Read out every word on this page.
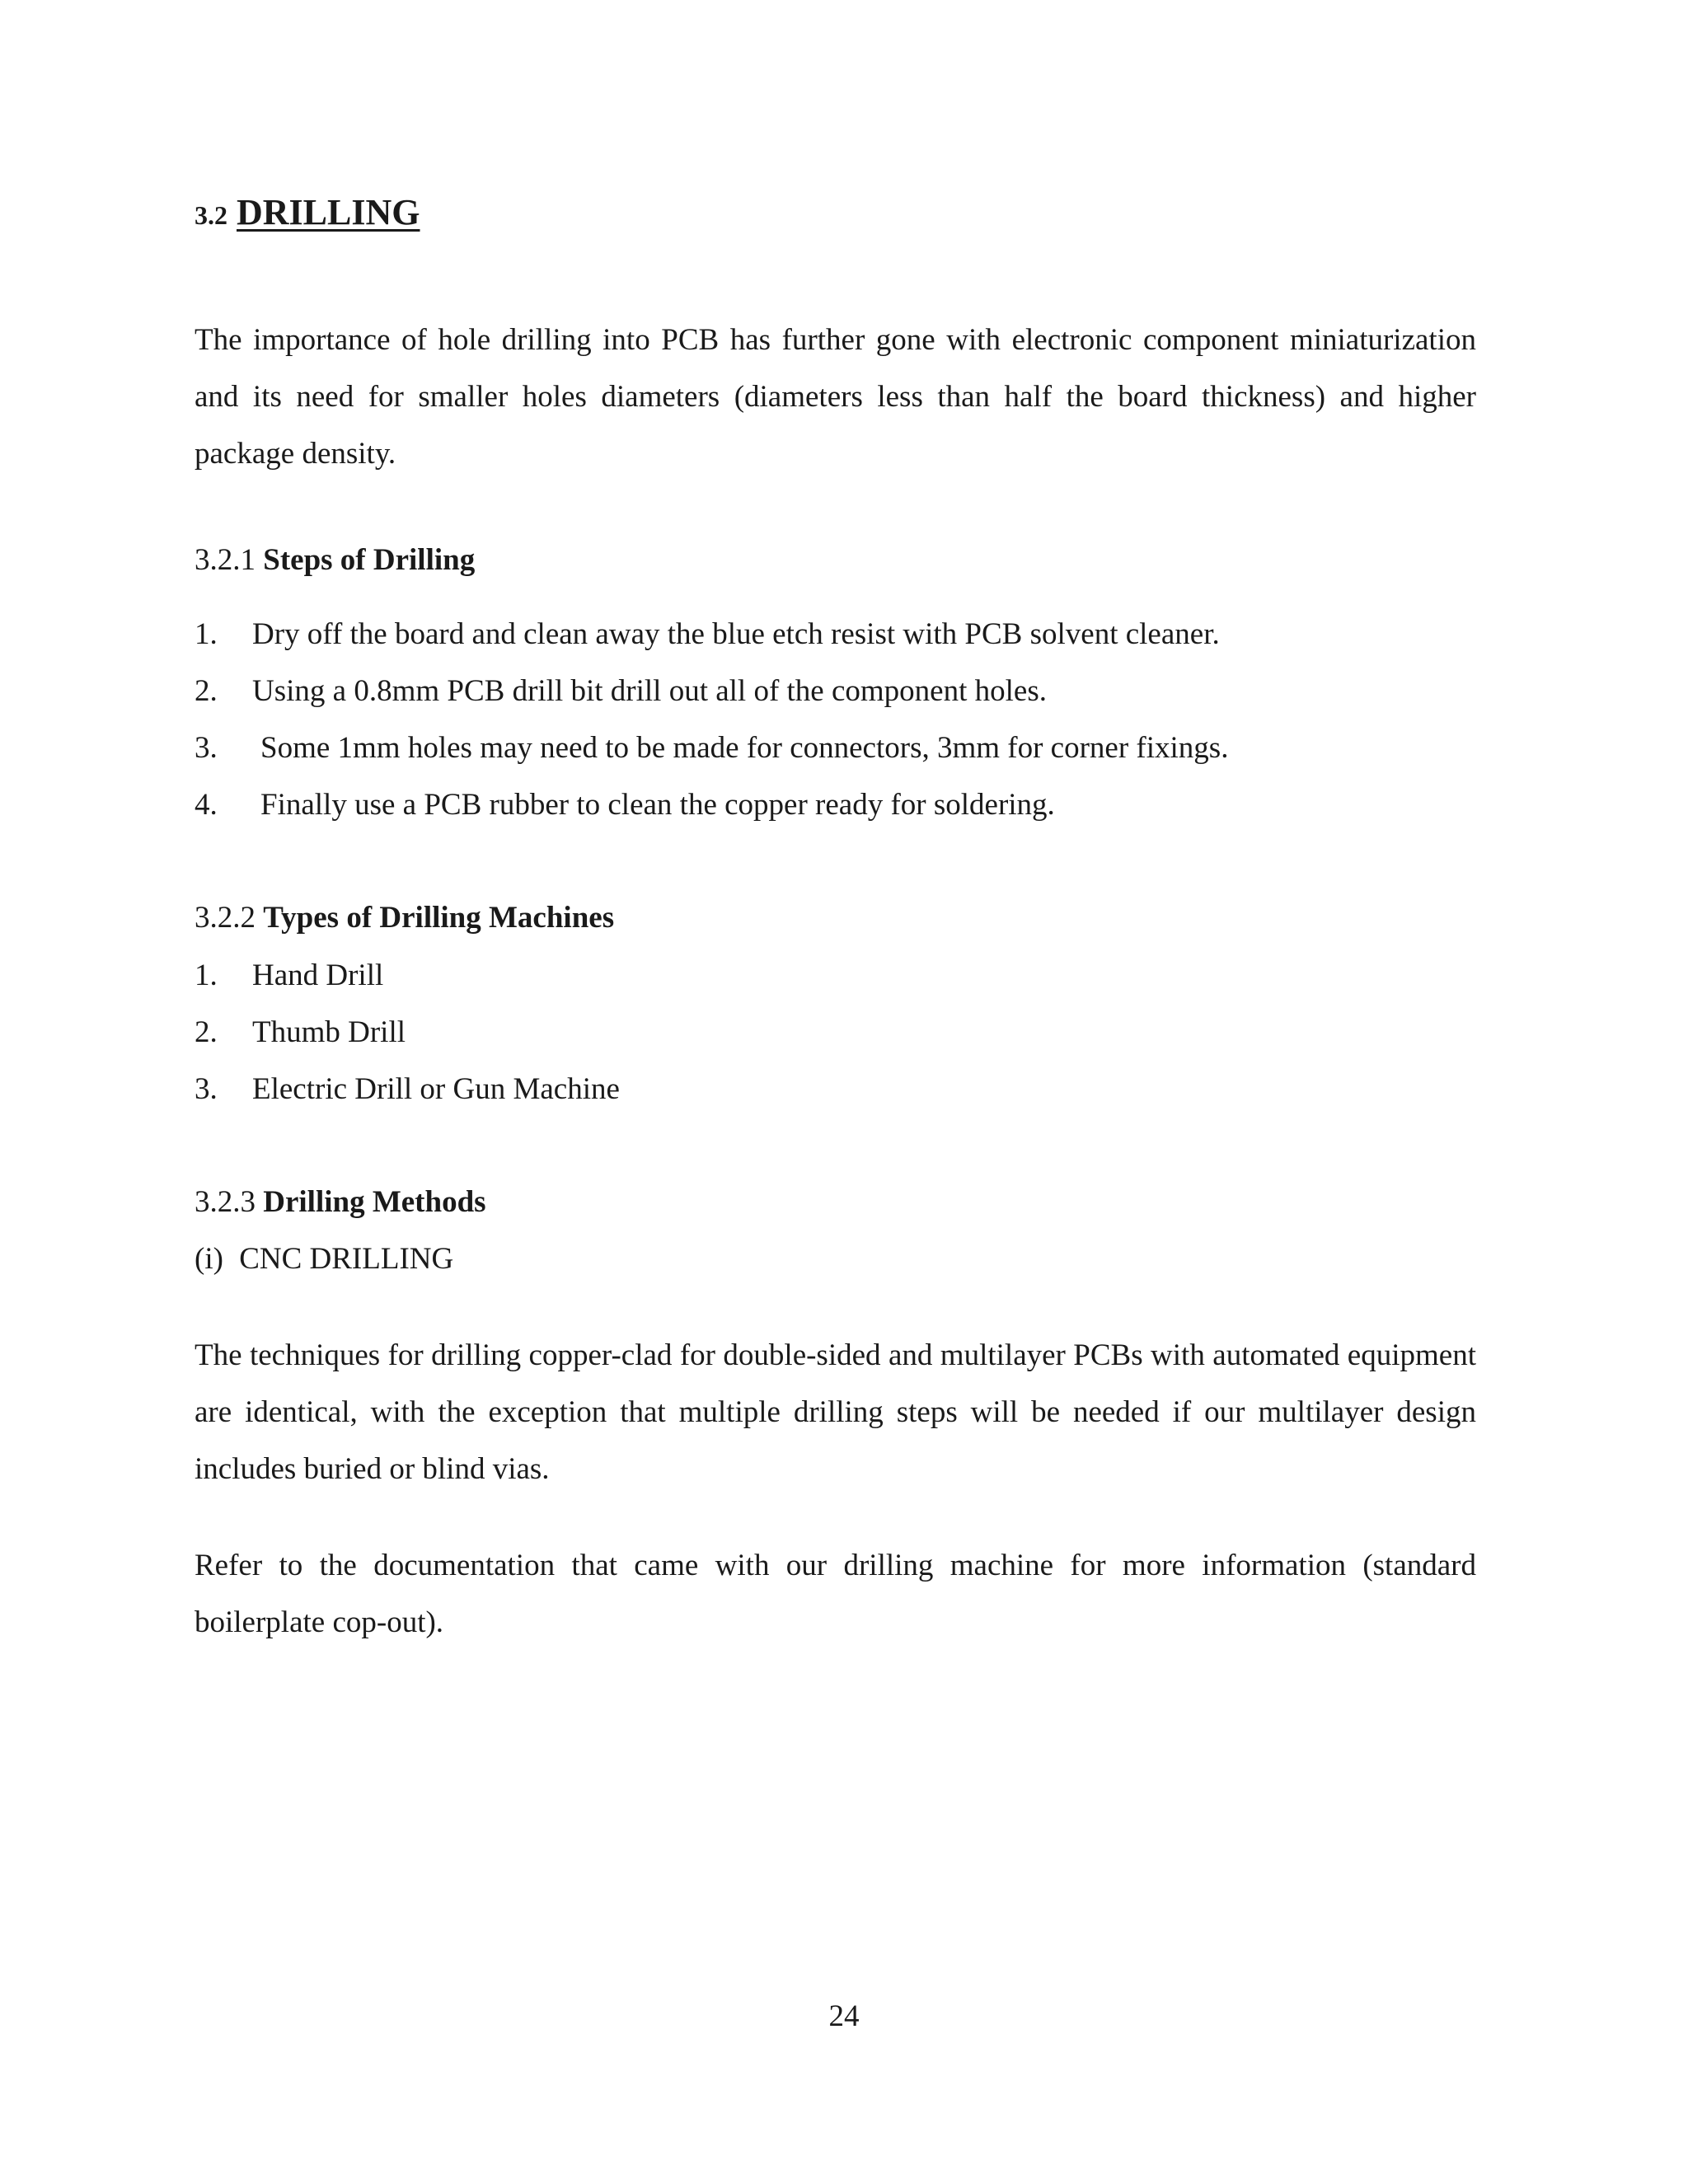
3.2 DRILLING
The importance of hole drilling into PCB has further gone with electronic component miniaturization and its need for smaller holes diameters (diameters less than half the board thickness) and higher package density.
3.2.1 Steps of Drilling
1. Dry off the board and clean away the blue etch resist with PCB solvent cleaner.
2. Using a 0.8mm PCB drill bit drill out all of the component holes.
3. Some 1mm holes may need to be made for connectors, 3mm for corner fixings.
4. Finally use a PCB rubber to clean the copper ready for soldering.
3.2.2 Types of Drilling Machines
1. Hand Drill
2. Thumb Drill
3. Electric Drill or Gun Machine
3.2.3 Drilling Methods
(i) CNC DRILLING
The techniques for drilling copper-clad for double-sided and multilayer PCBs with automated equipment are identical, with the exception that multiple drilling steps will be needed if our multilayer design includes buried or blind vias.
Refer to the documentation that came with our drilling machine for more information (standard boilerplate cop-out).
24
